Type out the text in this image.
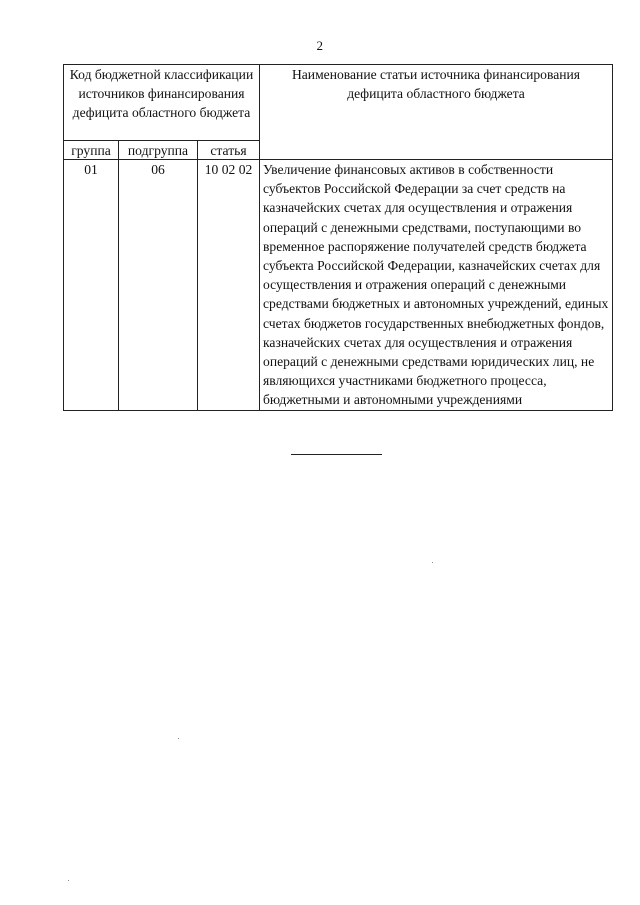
2
Код бюджетной классификации источников финансирования дефицита областного бюджета			Наименование статьи источника финансирования дефицита областного бюджета
группа	подгруппа	статья	
01	06	10 02 02	Увеличение финансовых активов в собственности субъектов Российской Федерации за счет средств на казначейских счетах для осуществления и отражения операций с денежными средствами, поступающими во временное распоряжение получателей средств бюджета субъекта Российской Федерации, казначейских счетах для осуществления и отражения операций с денежными средствами бюджетных и автономных учреждений, единых счетах бюджетов государственных внебюджетных фондов, казначейских счетах для осуществления и отражения операций с денежными средствами юридических лиц, не являющихся участниками бюджетного процесса, бюджетными и автономными учреждениями
